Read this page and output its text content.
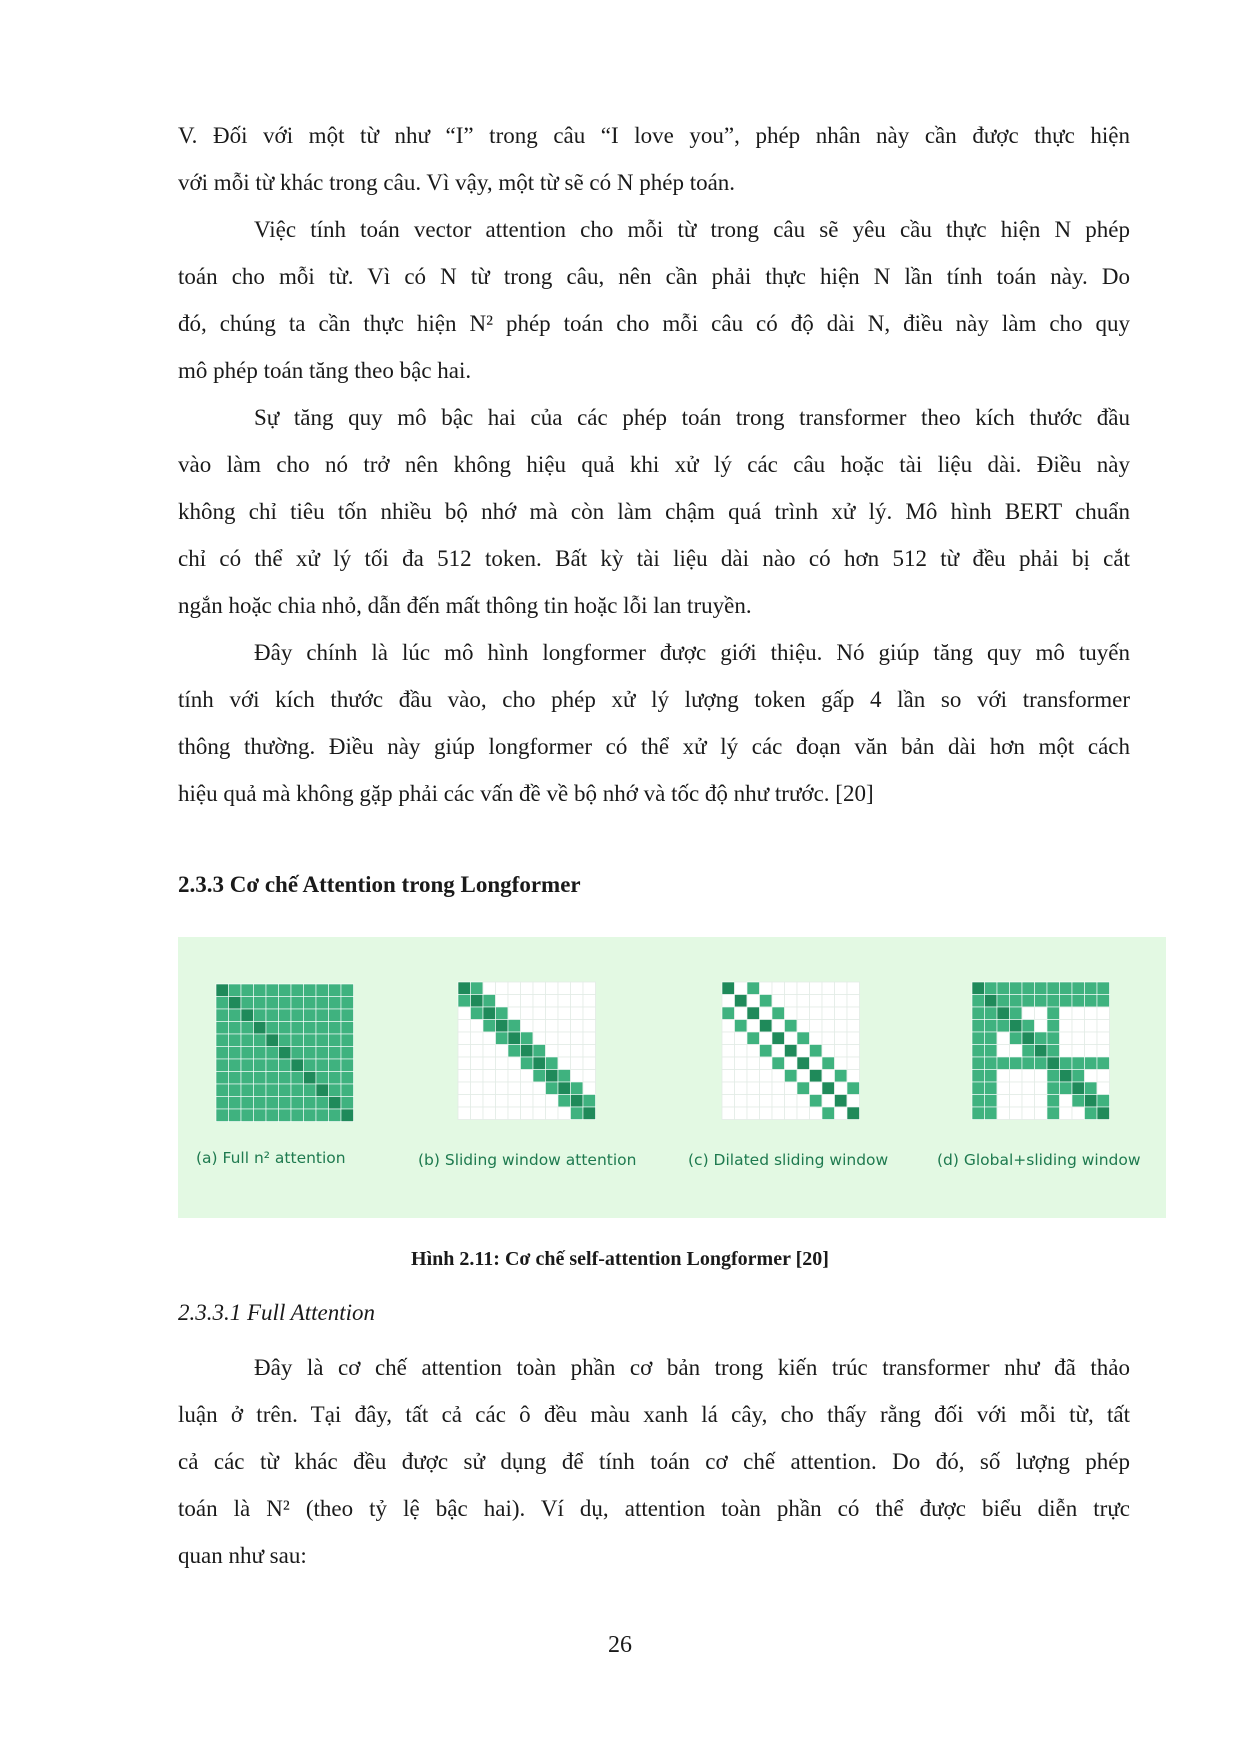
V. Đối với một từ như “I” trong câu “I love you”, phép nhân này cần được thực hiện
với mỗi từ khác trong câu. Vì vậy, một từ sẽ có N phép toán.
Việc tính toán vector attention cho mỗi từ trong câu sẽ yêu cầu thực hiện N phép
toán cho mỗi từ. Vì có N từ trong câu, nên cần phải thực hiện N lần tính toán này. Do
đó, chúng ta cần thực hiện N² phép toán cho mỗi câu có độ dài N, điều này làm cho quy
mô phép toán tăng theo bậc hai.
Sự tăng quy mô bậc hai của các phép toán trong transformer theo kích thước đầu
vào làm cho nó trở nên không hiệu quả khi xử lý các câu hoặc tài liệu dài. Điều này
không chỉ tiêu tốn nhiều bộ nhớ mà còn làm chậm quá trình xử lý. Mô hình BERT chuẩn
chỉ có thể xử lý tối đa 512 token. Bất kỳ tài liệu dài nào có hơn 512 từ đều phải bị cắt
ngắn hoặc chia nhỏ, dẫn đến mất thông tin hoặc lỗi lan truyền.
Đây chính là lúc mô hình longformer được giới thiệu. Nó giúp tăng quy mô tuyến
tính với kích thước đầu vào, cho phép xử lý lượng token gấp 4 lần so với transformer
thông thường. Điều này giúp longformer có thể xử lý các đoạn văn bản dài hơn một cách
hiệu quả mà không gặp phải các vấn đề về bộ nhớ và tốc độ như trước. [20]
2.3.3 Cơ chế Attention trong Longformer
(a) Full n² attention	(b) Sliding window attention	(c) Dilated sliding window	(d) Global+sliding window
Hình 2.11: Cơ chế self-attention Longformer [20]
2.3.3.1 Full Attention
Đây là cơ chế attention toàn phần cơ bản trong kiến trúc transformer như đã thảo
luận ở trên. Tại đây, tất cả các ô đều màu xanh lá cây, cho thấy rằng đối với mỗi từ, tất
cả các từ khác đều được sử dụng để tính toán cơ chế attention. Do đó, số lượng phép
toán là N² (theo tỷ lệ bậc hai). Ví dụ, attention toàn phần có thể được biểu diễn trực
quan như sau:
26
